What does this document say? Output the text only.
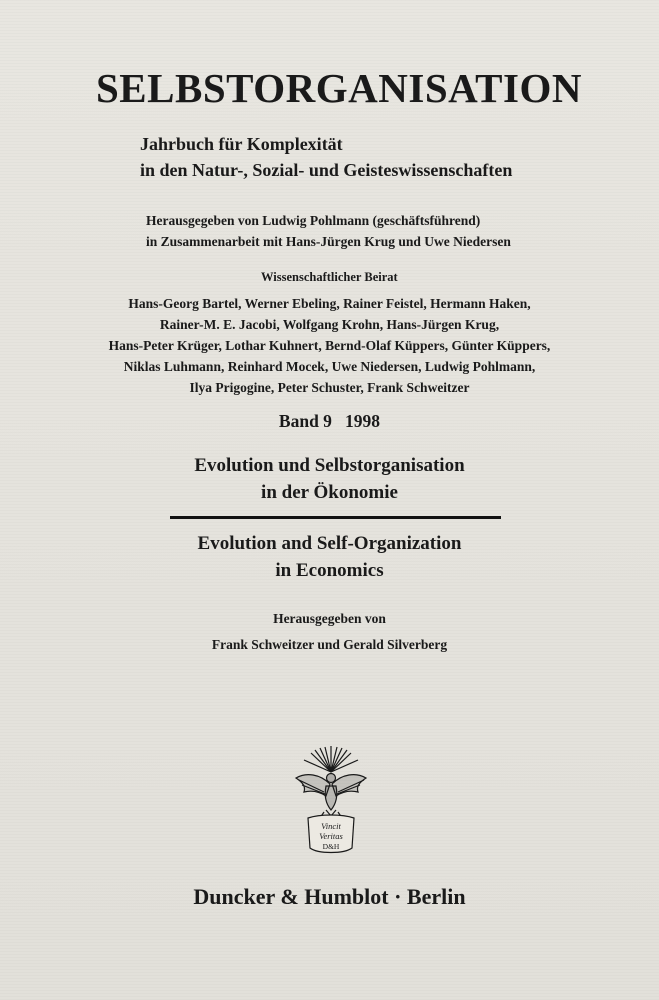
SELBSTORGANISATION
Jahrbuch für Komplexität
in den Natur-, Sozial- und Geisteswissenschaften
Herausgegeben von Ludwig Pohlmann (geschäftsführend)
in Zusammenarbeit mit Hans-Jürgen Krug und Uwe Niedersen
Wissenschaftlicher Beirat
Hans-Georg Bartel, Werner Ebeling, Rainer Feistel, Hermann Haken,
Rainer-M. E. Jacobi, Wolfgang Krohn, Hans-Jürgen Krug,
Hans-Peter Krüger, Lothar Kuhnert, Bernd-Olaf Küppers, Günter Küppers,
Niklas Luhmann, Reinhard Mocek, Uwe Niedersen, Ludwig Pohlmann,
Ilya Prigogine, Peter Schuster, Frank Schweitzer
Band 9   1998
Evolution und Selbstorganisation
in der Ökonomie
Evolution and Self-Organization
in Economics
Herausgegeben von
Frank Schweitzer und Gerald Silverberg
Vincit
Veritas
D&H
Duncker & Humblot · Berlin
